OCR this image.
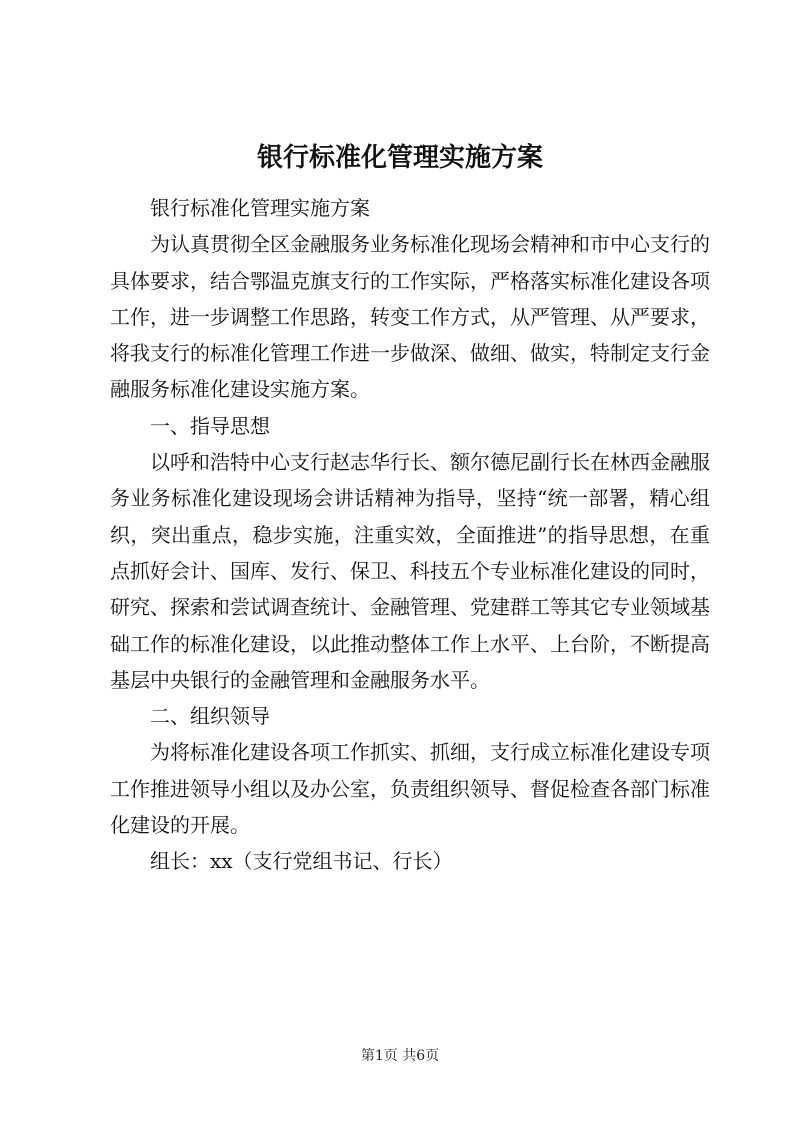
银行标准化管理实施方案

银行标准化管理实施方案

为认真贯彻全区金融服务业务标准化现场会精神和市中心支行的具体要求，结合鄂温克旗支行的工作实际，严格落实标准化建设各项工作，进一步调整工作思路，转变工作方式，从严管理、从严要求，将我支行的标准化管理工作进一步做深、做细、做实，特制定支行金融服务标准化建设实施方案。

一、指导思想

以呼和浩特中心支行赵志华行长、额尔德尼副行长在林西金融服务业务标准化建设现场会讲话精神为指导，坚持“统一部署，精心组织，突出重点，稳步实施，注重实效，全面推进”的指导思想，在重点抓好会计、国库、发行、保卫、科技五个专业标准化建设的同时，研究、探索和尝试调查统计、金融管理、党建群工等其它专业领域基础工作的标准化建设，以此推动整体工作上水平、上台阶，不断提高基层中央银行的金融管理和金融服务水平。

二、组织领导

为将标准化建设各项工作抓实、抓细，支行成立标准化建设专项工作推进领导小组以及办公室，负责组织领导、督促检查各部门标准化建设的开展。

组长：xx（支行党组书记、行长）

第1页 共6页
